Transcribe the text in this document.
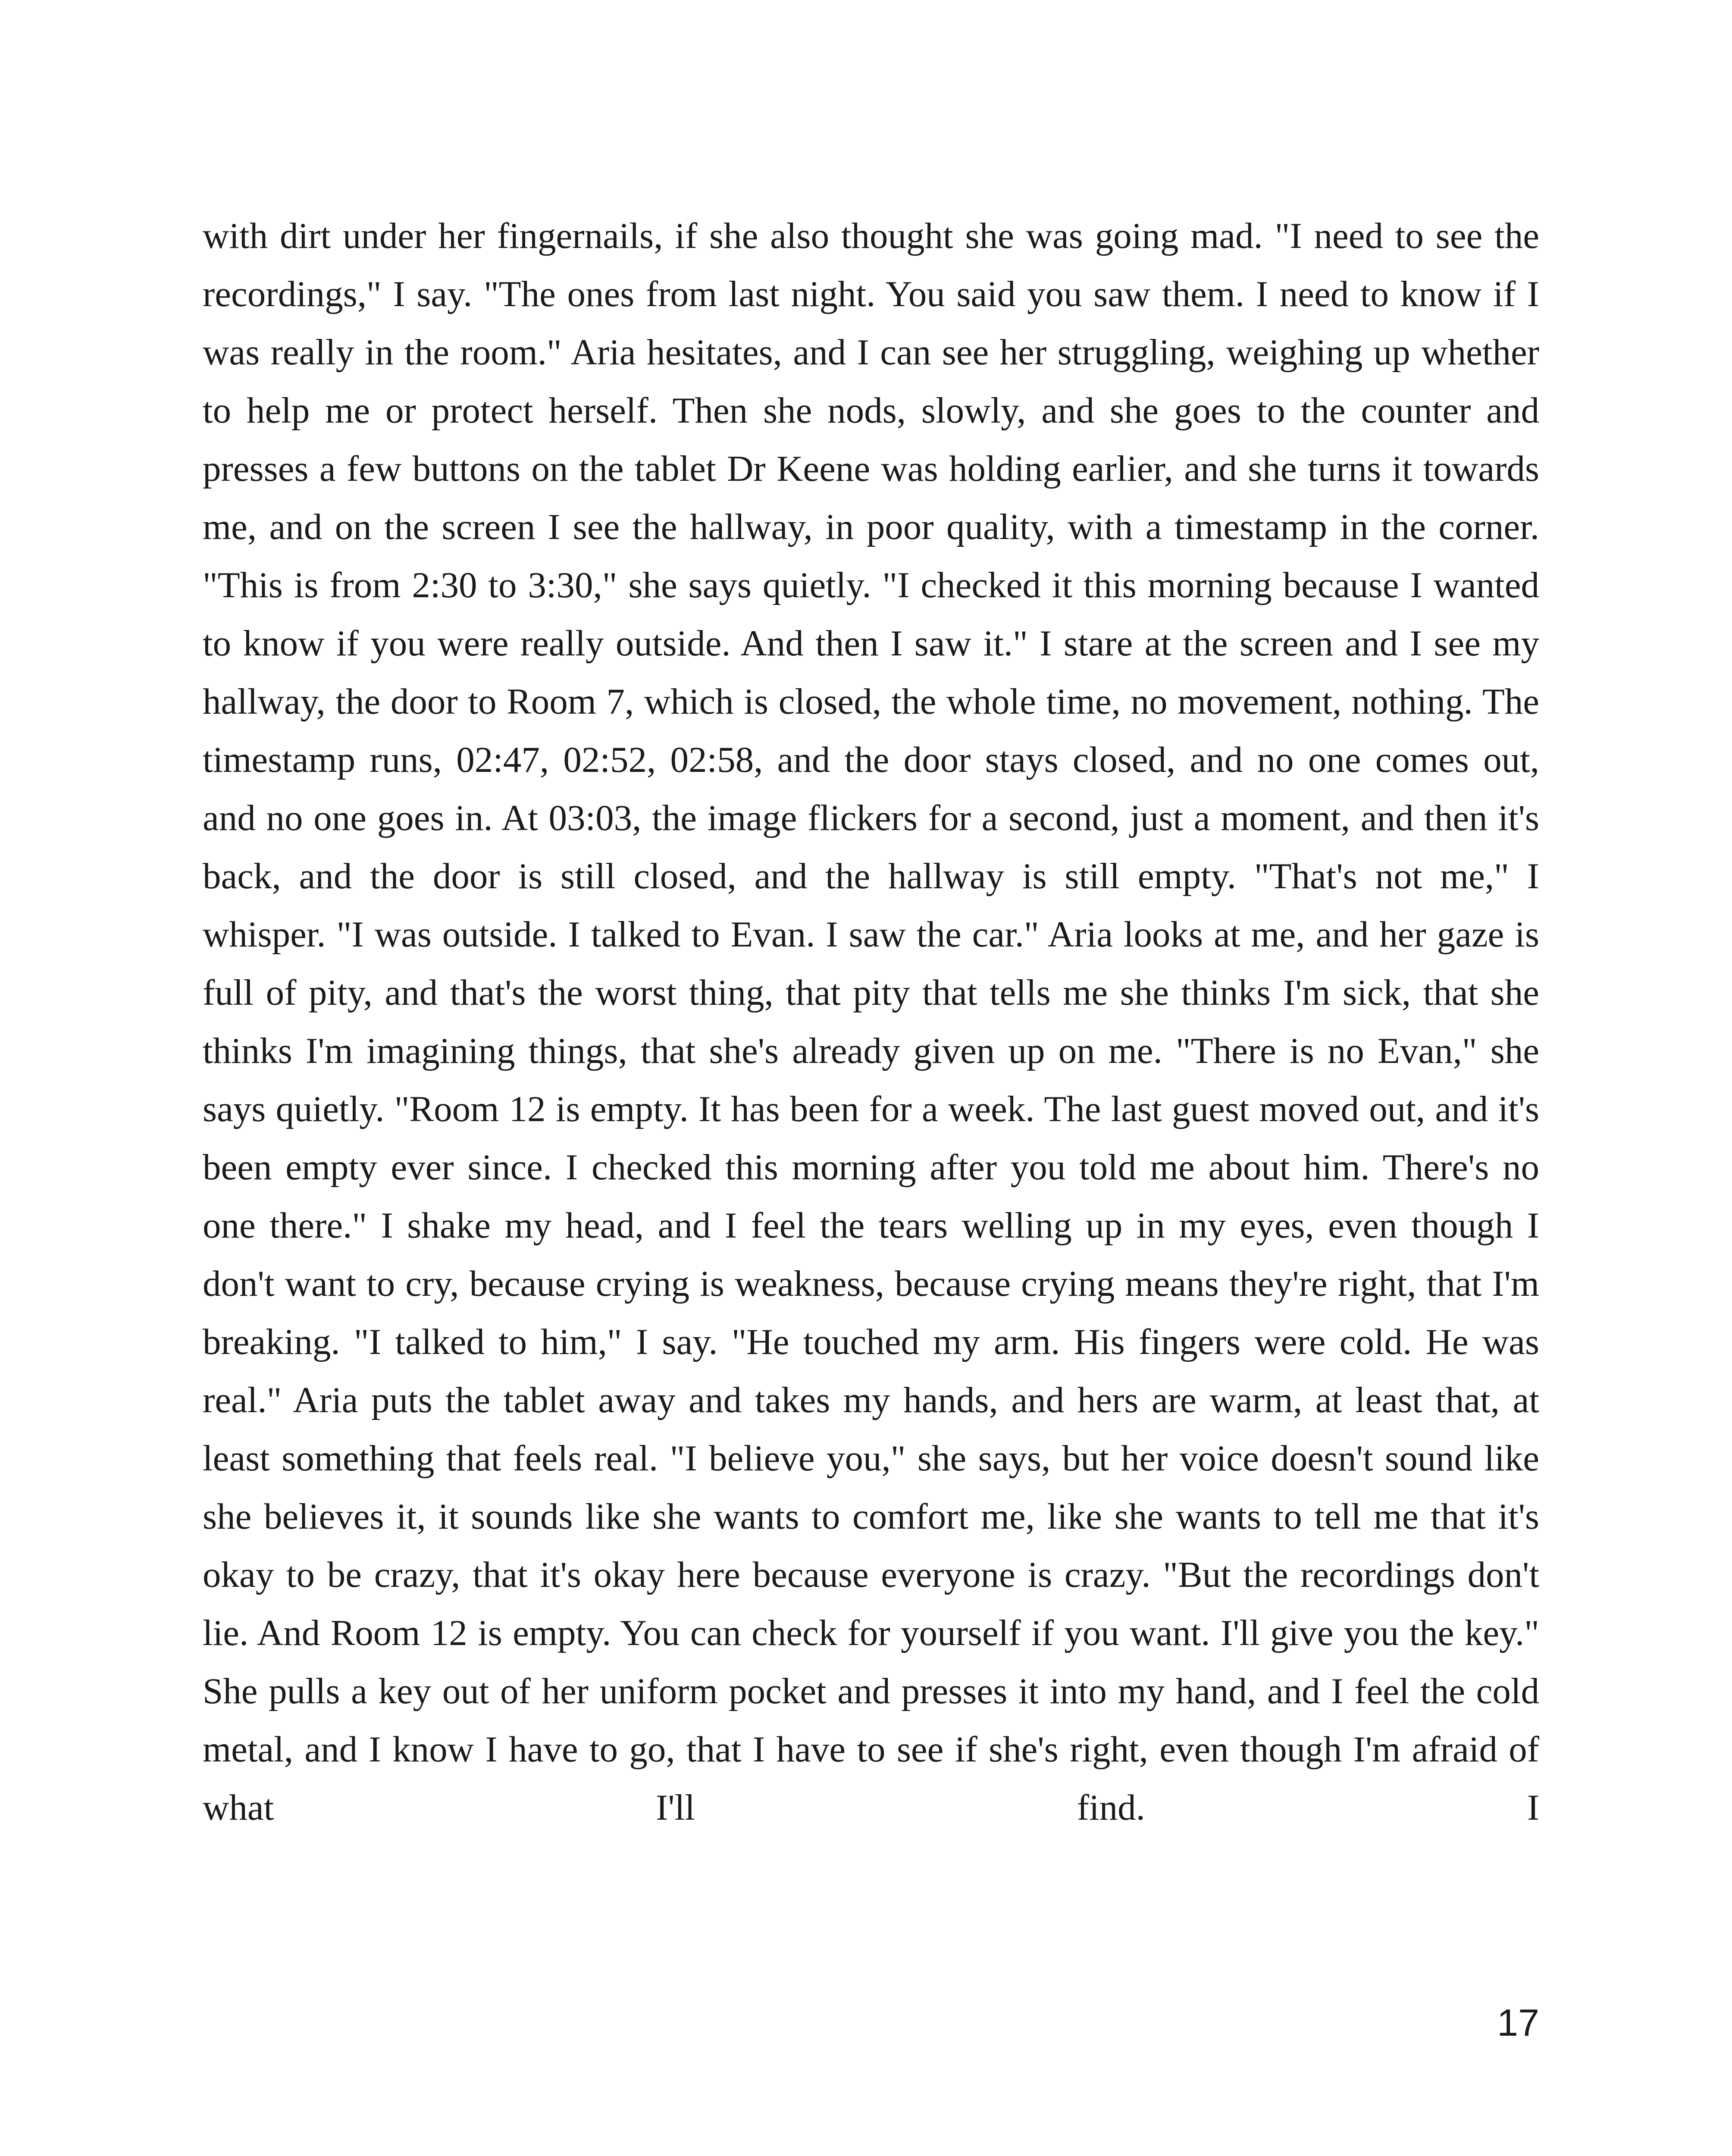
with dirt under her fingernails, if she also thought she was going mad. "I need to see the recordings," I say. "The ones from last night. You said you saw them. I need to know if I was really in the room." Aria hesitates, and I can see her struggling, weighing up whether to help me or protect herself. Then she nods, slowly, and she goes to the counter and presses a few buttons on the tablet Dr Keene was holding earlier, and she turns it towards me, and on the screen I see the hallway, in poor quality, with a timestamp in the corner. "This is from 2:30 to 3:30," she says quietly. "I checked it this morning because I wanted to know if you were really outside. And then I saw it." I stare at the screen and I see my hallway, the door to Room 7, which is closed, the whole time, no movement, nothing. The timestamp runs, 02:47, 02:52, 02:58, and the door stays closed, and no one comes out, and no one goes in. At 03:03, the image flickers for a second, just a moment, and then it's back, and the door is still closed, and the hallway is still empty. "That's not me," I whisper. "I was outside. I talked to Evan. I saw the car." Aria looks at me, and her gaze is full of pity, and that's the worst thing, that pity that tells me she thinks I'm sick, that she thinks I'm imagining things, that she's already given up on me. "There is no Evan," she says quietly. "Room 12 is empty. It has been for a week. The last guest moved out, and it's been empty ever since. I checked this morning after you told me about him. There's no one there." I shake my head, and I feel the tears welling up in my eyes, even though I don't want to cry, because crying is weakness, because crying means they're right, that I'm breaking. "I talked to him," I say. "He touched my arm. His fingers were cold. He was real." Aria puts the tablet away and takes my hands, and hers are warm, at least that, at least something that feels real. "I believe you," she says, but her voice doesn't sound like she believes it, it sounds like she wants to comfort me, like she wants to tell me that it's okay to be crazy, that it's okay here because everyone is crazy. "But the recordings don't lie. And Room 12 is empty. You can check for yourself if you want. I'll give you the key." She pulls a key out of her uniform pocket and presses it into my hand, and I feel the cold metal, and I know I have to go, that I have to see if she's right, even though I'm afraid of what I'll find. I

17
